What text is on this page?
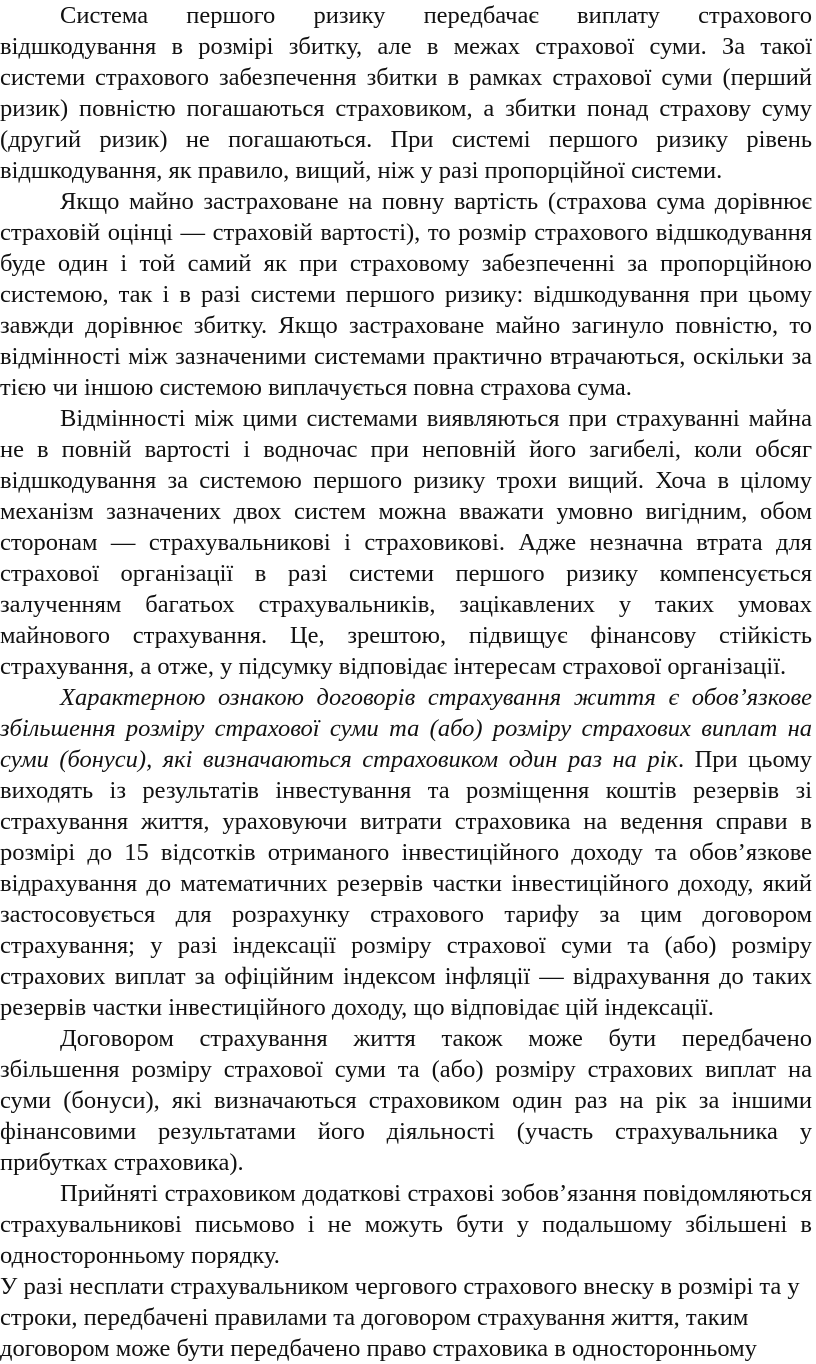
Система першого ризику передбачає виплату страхового відшкодування в розмірі збитку, але в межах страхової суми. За такої системи страхового забезпечення збитки в рамках страхової суми (перший ризик) повністю погашаються страховиком, а збитки понад страхову суму (другий ризик) не погашаються. При системі першого ризику рівень відшкодування, як правило, вищий, ніж у разі пропорційної системи.

Якщо майно застраховане на повну вартість (страхова сума дорівнює страховій оцінці — страховій вартості), то розмір страхового відшкодування буде один і той самий як при страховому забезпеченні за пропорційною системою, так і в разі системи першого ризику: відшкодування при цьому завжди дорівнює збитку. Якщо застраховане майно загинуло повністю, то відмінності між зазначеними системами практично втрачаються, оскільки за тією чи іншою системою виплачується повна страхова сума.

Відмінності між цими системами виявляються при страхуванні майна не в повній вартості і водночас при неповній його загибелі, коли обсяг відшкодування за системою першого ризику трохи вищий. Хоча в цілому механізм зазначених двох систем можна вважати умовно вигідним, обом сторонам — страхувальникові і страховикові. Адже незначна втрата для страхової організації в разі системи першого ризику компенсується залученням багатьох страхувальників, зацікавлених у таких умовах майнового страхування. Це, зрештою, підвищує фінансову стійкість страхування, а отже, у підсумку відповідає інтересам страхової організації.

Характерною ознакою договорів страхування життя є обов’язкове збільшення розміру страхової суми та (або) розміру страхових виплат на суми (бонуси), які визначаються страховиком один раз на рік. При цьому виходять із результатів інвестування та розміщення коштів резервів зі страхування життя, ураховуючи витрати страховика на ведення справи в розмірі до 15 відсотків отриманого інвестиційного доходу та обов’язкове відрахування до математичних резервів частки інвестиційного доходу, який застосовується для розрахунку страхового тарифу за цим договором страхування; у разі індексації розміру страхової суми та (або) розміру страхових виплат за офіційним індексом інфляції — відрахування до таких резервів частки інвестиційного доходу, що відповідає цій індексації.

Договором страхування життя також може бути передбачено збільшення розміру страхової суми та (або) розміру страхових виплат на суми (бонуси), які визначаються страховиком один раз на рік за іншими фінансовими результатами його діяльності (участь страхувальника у прибутках страховика).

Прийняті страховиком додаткові страхові зобов’язання повідомляються страхувальникові письмово і не можуть бути у подальшому збільшені в односторонньому порядку.

У разі несплати страхувальником чергового страхового внеску в розмірі та у строки, передбачені правилами та договором страхування життя, таким договором може бути передбачено право страховика в односторонньому
